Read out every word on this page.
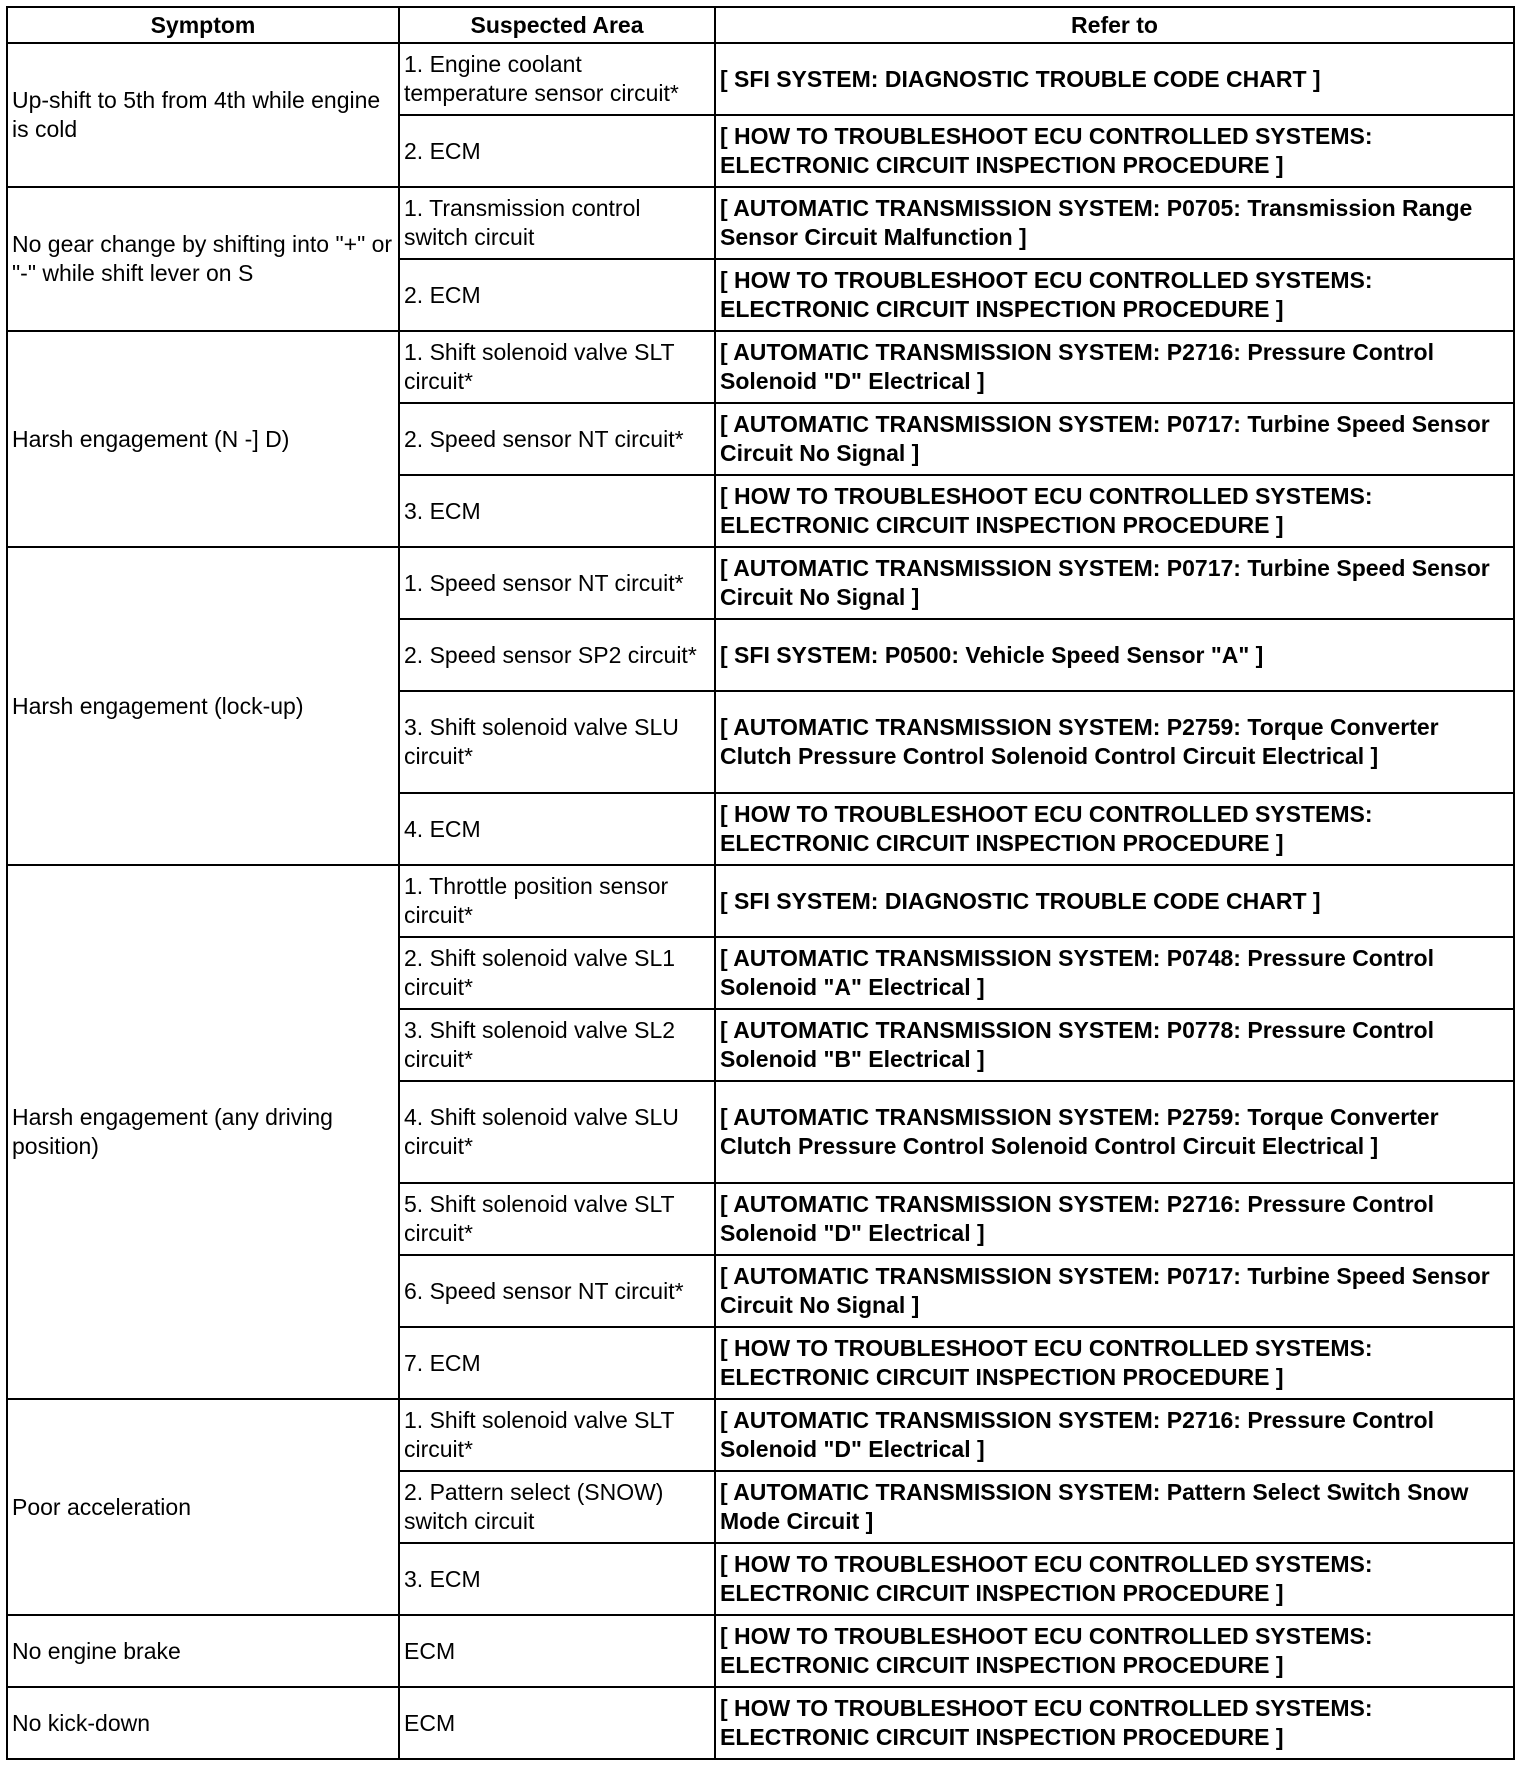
Symptom	Suspected Area	Refer to
Up-shift to 5th from 4th while engine is cold	1. Engine coolant temperature sensor circuit*	[ SFI SYSTEM: DIAGNOSTIC TROUBLE CODE CHART ]
	2. ECM	[ HOW TO TROUBLESHOOT ECU CONTROLLED SYSTEMS: ELECTRONIC CIRCUIT INSPECTION PROCEDURE ]
No gear change by shifting into "+" or "-" while shift lever on S	1. Transmission control switch circuit	[ AUTOMATIC TRANSMISSION SYSTEM: P0705: Transmission Range Sensor Circuit Malfunction ]
	2. ECM	[ HOW TO TROUBLESHOOT ECU CONTROLLED SYSTEMS: ELECTRONIC CIRCUIT INSPECTION PROCEDURE ]
Harsh engagement (N -] D)	1. Shift solenoid valve SLT circuit*	[ AUTOMATIC TRANSMISSION SYSTEM: P2716: Pressure Control Solenoid "D" Electrical ]
	2. Speed sensor NT circuit*	[ AUTOMATIC TRANSMISSION SYSTEM: P0717: Turbine Speed Sensor Circuit No Signal ]
	3. ECM	[ HOW TO TROUBLESHOOT ECU CONTROLLED SYSTEMS: ELECTRONIC CIRCUIT INSPECTION PROCEDURE ]
Harsh engagement (lock-up)	1. Speed sensor NT circuit*	[ AUTOMATIC TRANSMISSION SYSTEM: P0717: Turbine Speed Sensor Circuit No Signal ]
	2. Speed sensor SP2 circuit*	[ SFI SYSTEM: P0500: Vehicle Speed Sensor "A" ]
	3. Shift solenoid valve SLU circuit*	[ AUTOMATIC TRANSMISSION SYSTEM: P2759: Torque Converter Clutch Pressure Control Solenoid Control Circuit Electrical ]
	4. ECM	[ HOW TO TROUBLESHOOT ECU CONTROLLED SYSTEMS: ELECTRONIC CIRCUIT INSPECTION PROCEDURE ]
Harsh engagement (any driving position)	1. Throttle position sensor circuit*	[ SFI SYSTEM: DIAGNOSTIC TROUBLE CODE CHART ]
	2. Shift solenoid valve SL1 circuit*	[ AUTOMATIC TRANSMISSION SYSTEM: P0748: Pressure Control Solenoid "A" Electrical ]
	3. Shift solenoid valve SL2 circuit*	[ AUTOMATIC TRANSMISSION SYSTEM: P0778: Pressure Control Solenoid "B" Electrical ]
	4. Shift solenoid valve SLU circuit*	[ AUTOMATIC TRANSMISSION SYSTEM: P2759: Torque Converter Clutch Pressure Control Solenoid Control Circuit Electrical ]
	5. Shift solenoid valve SLT circuit*	[ AUTOMATIC TRANSMISSION SYSTEM: P2716: Pressure Control Solenoid "D" Electrical ]
	6. Speed sensor NT circuit*	[ AUTOMATIC TRANSMISSION SYSTEM: P0717: Turbine Speed Sensor Circuit No Signal ]
	7. ECM	[ HOW TO TROUBLESHOOT ECU CONTROLLED SYSTEMS: ELECTRONIC CIRCUIT INSPECTION PROCEDURE ]
Poor acceleration	1. Shift solenoid valve SLT circuit*	[ AUTOMATIC TRANSMISSION SYSTEM: P2716: Pressure Control Solenoid "D" Electrical ]
	2. Pattern select (SNOW) switch circuit	[ AUTOMATIC TRANSMISSION SYSTEM: Pattern Select Switch Snow Mode Circuit ]
	3. ECM	[ HOW TO TROUBLESHOOT ECU CONTROLLED SYSTEMS: ELECTRONIC CIRCUIT INSPECTION PROCEDURE ]
No engine brake	ECM	[ HOW TO TROUBLESHOOT ECU CONTROLLED SYSTEMS: ELECTRONIC CIRCUIT INSPECTION PROCEDURE ]
No kick-down	ECM	[ HOW TO TROUBLESHOOT ECU CONTROLLED SYSTEMS: ELECTRONIC CIRCUIT INSPECTION PROCEDURE ]
